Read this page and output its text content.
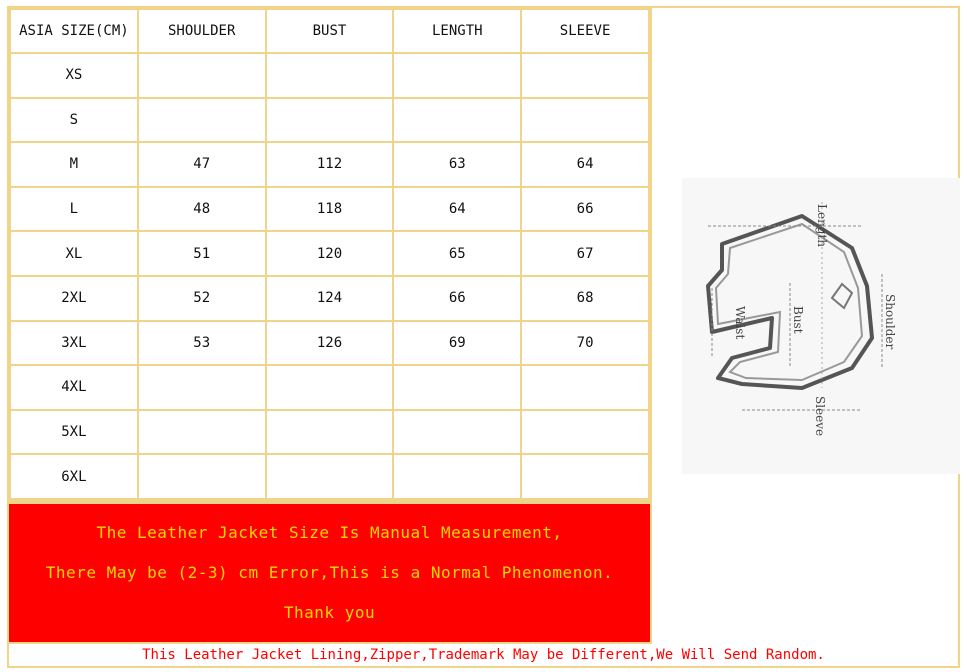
ASIA SIZE(CM)	SHOULDER	BUST	LENGTH	SLEEVE
XS				
S				
M	47	112	63	64
L	48	118	64	66
XL	51	120	65	67
2XL	52	124	66	68
3XL	53	126	69	70
4XL				
5XL				
6XL				
Length
Shoulder
Bust
Waist
Sleeve
The Leather Jacket Size Is Manual Measurement,
There May be (2-3) cm Error,This is a Normal Phenomenon.
Thank you
This Leather Jacket Lining,Zipper,Trademark May be Different,We Will Send Random.
